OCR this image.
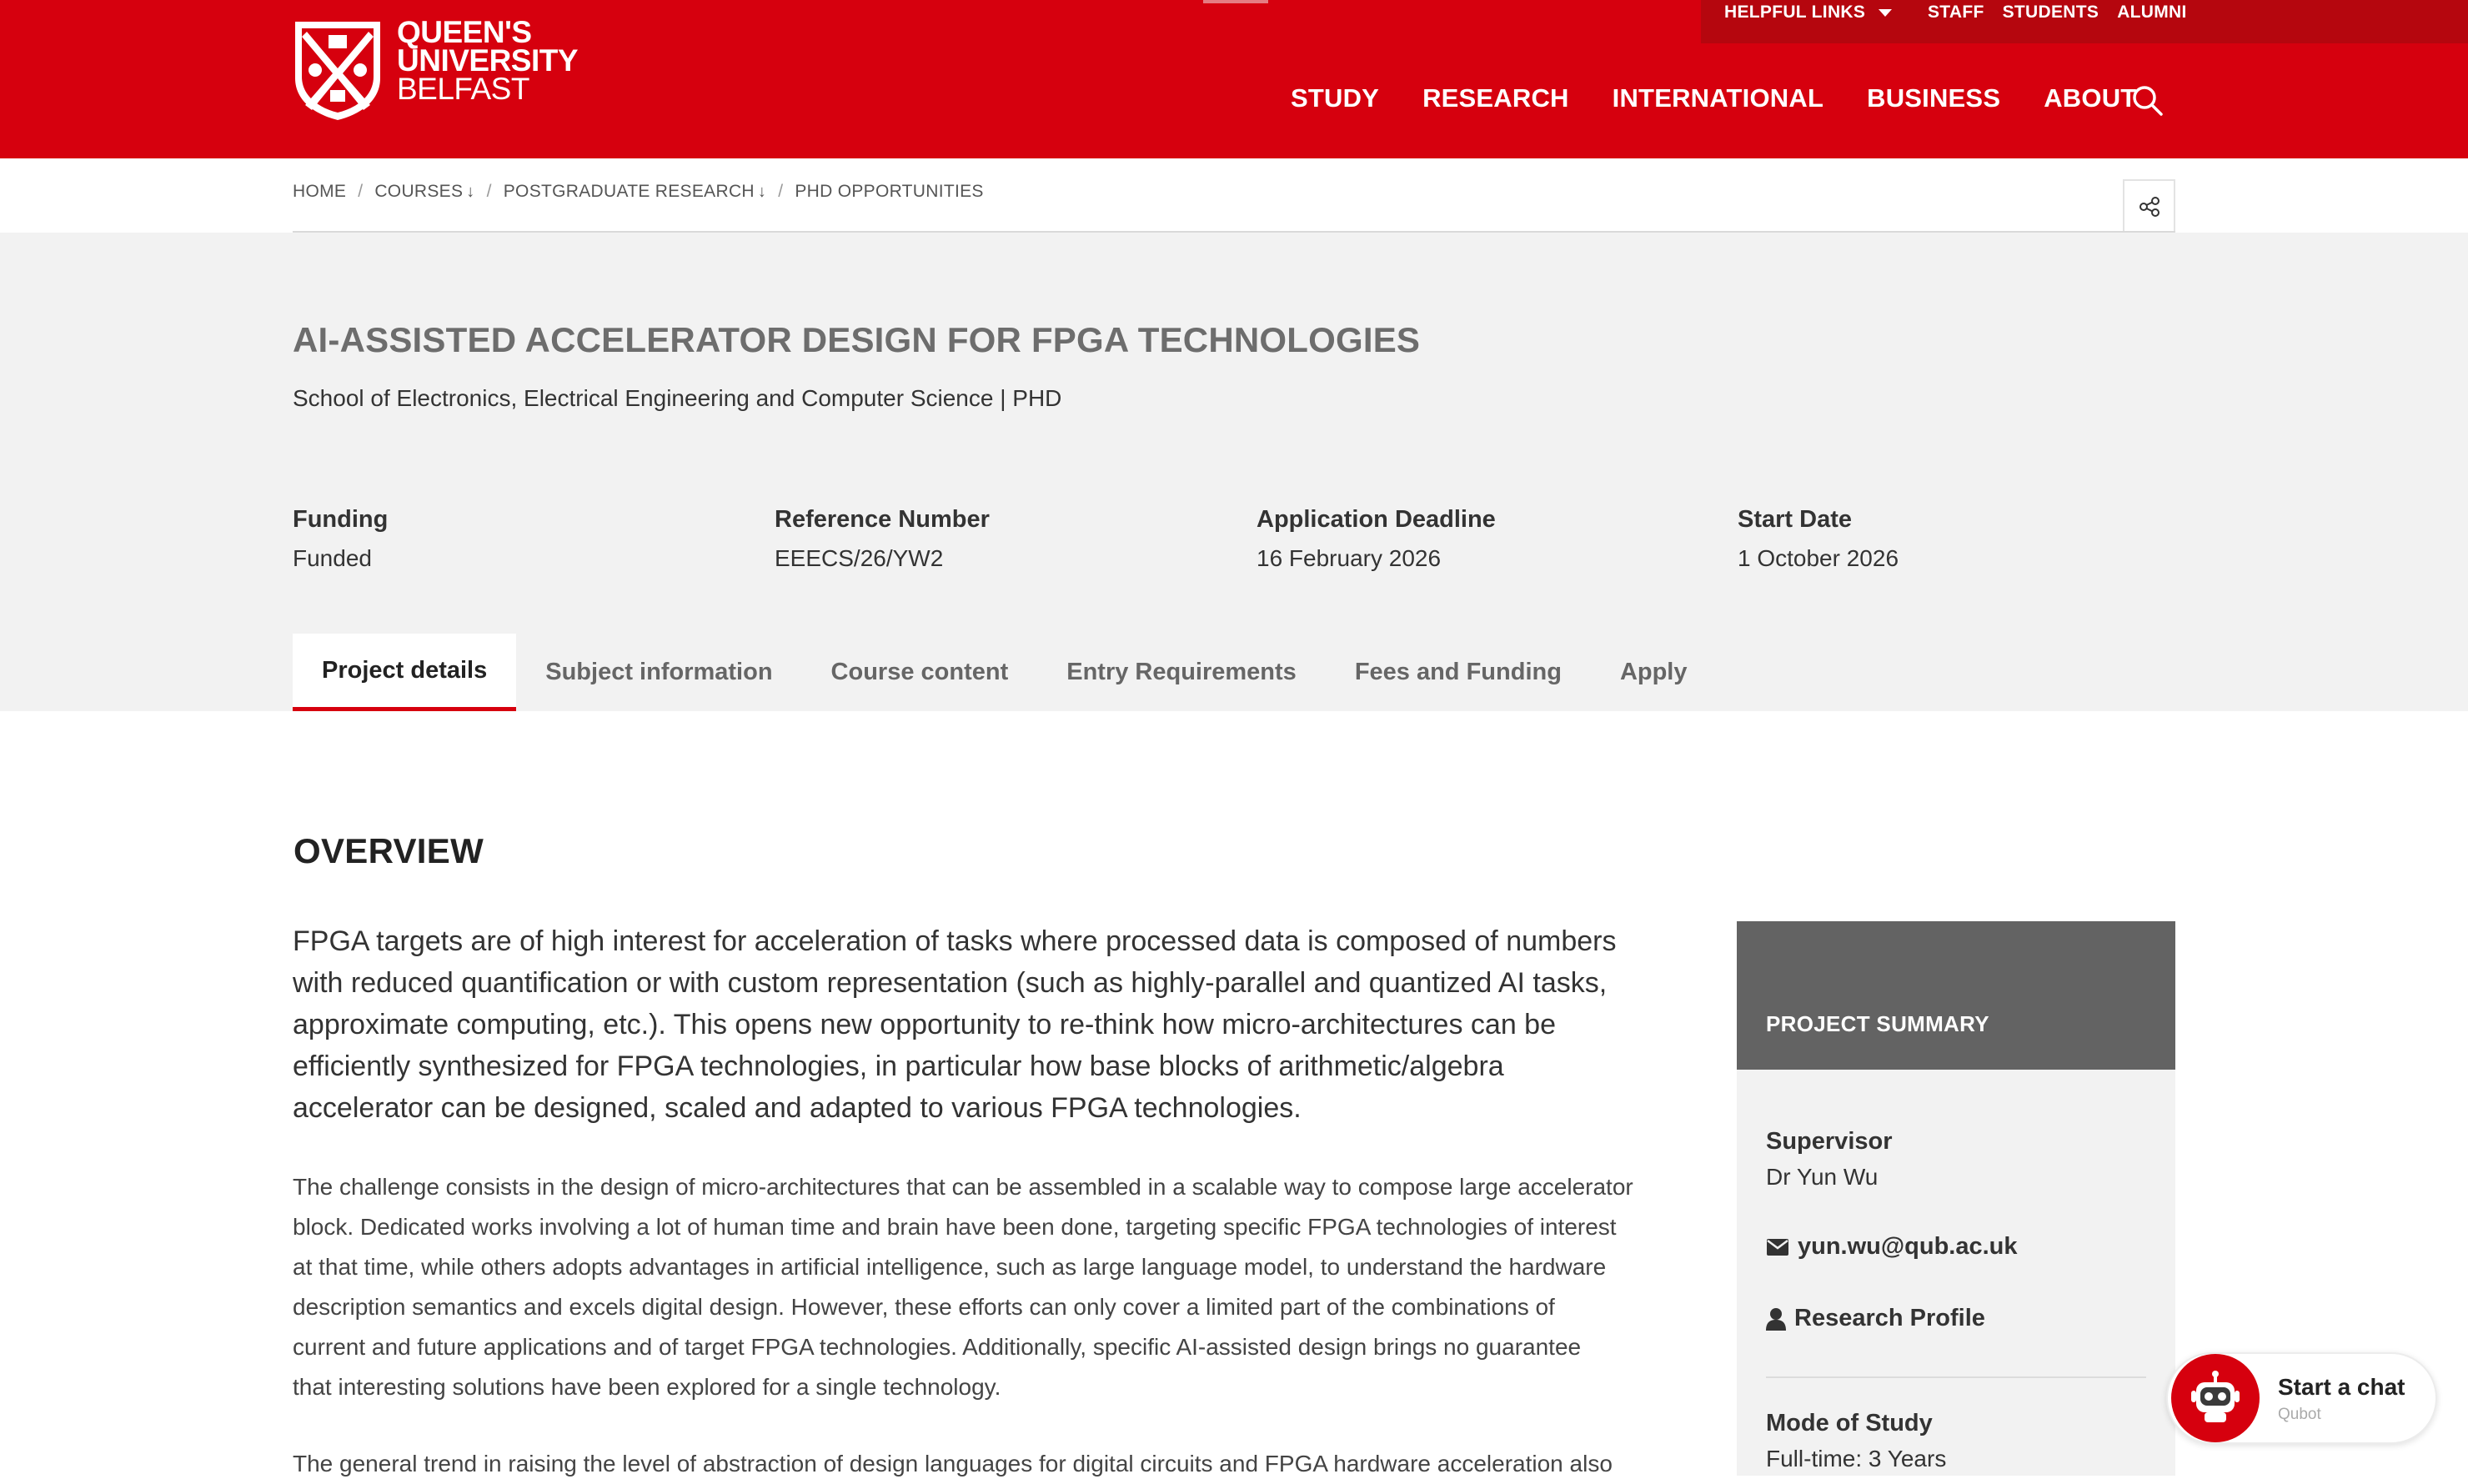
HELPFUL LINKS	STAFF STUDENTS ALUMNI
QUEEN'S
UNIVERSITY
BELFAST	STUDY RESEARCH INTERNATIONAL BUSINESS ABOUT
HOME / COURSES ↓ / POSTGRADUATE RESEARCH ↓ / PHD OPPORTUNITIES
AI-ASSISTED ACCELERATOR DESIGN FOR FPGA TECHNOLOGIES
School of Electronics, Electrical Engineering and Computer Science | PHD
Funding
Funded
Reference Number
EEECS/26/YW2
Application Deadline
16 February 2026
Start Date
1 October 2026
Project details	Subject information	Course content	Entry Requirements	Fees and Funding	Apply
OVERVIEW
FPGA targets are of high interest for acceleration of tasks where processed data is composed of numbers
with reduced quantification or with custom representation (such as highly-parallel and quantized AI tasks,
approximate computing, etc.). This opens new opportunity to re-think how micro-architectures can be
efficiently synthesized for FPGA technologies, in particular how base blocks of arithmetic/algebra
accelerator can be designed, scaled and adapted to various FPGA technologies.
The challenge consists in the design of micro-architectures that can be assembled in a scalable way to compose large accelerator
block. Dedicated works involving a lot of human time and brain have been done, targeting specific FPGA technologies of interest
at that time, while others adopts advantages in artificial intelligence, such as large language model, to understand the hardware
description semantics and excels digital design. However, these efforts can only cover a limited part of the combinations of
current and future applications and of target FPGA technologies. Additionally, specific AI-assisted design brings no guarantee
that interesting solutions have been explored for a single technology.
The general trend in raising the level of abstraction of design languages for digital circuits and FPGA hardware acceleration also
PROJECT SUMMARY
Supervisor
Dr Yun Wu
yun.wu@qub.ac.uk
Research Profile
Mode of Study
Full-time: 3 Years
Start a chat
Qubot
